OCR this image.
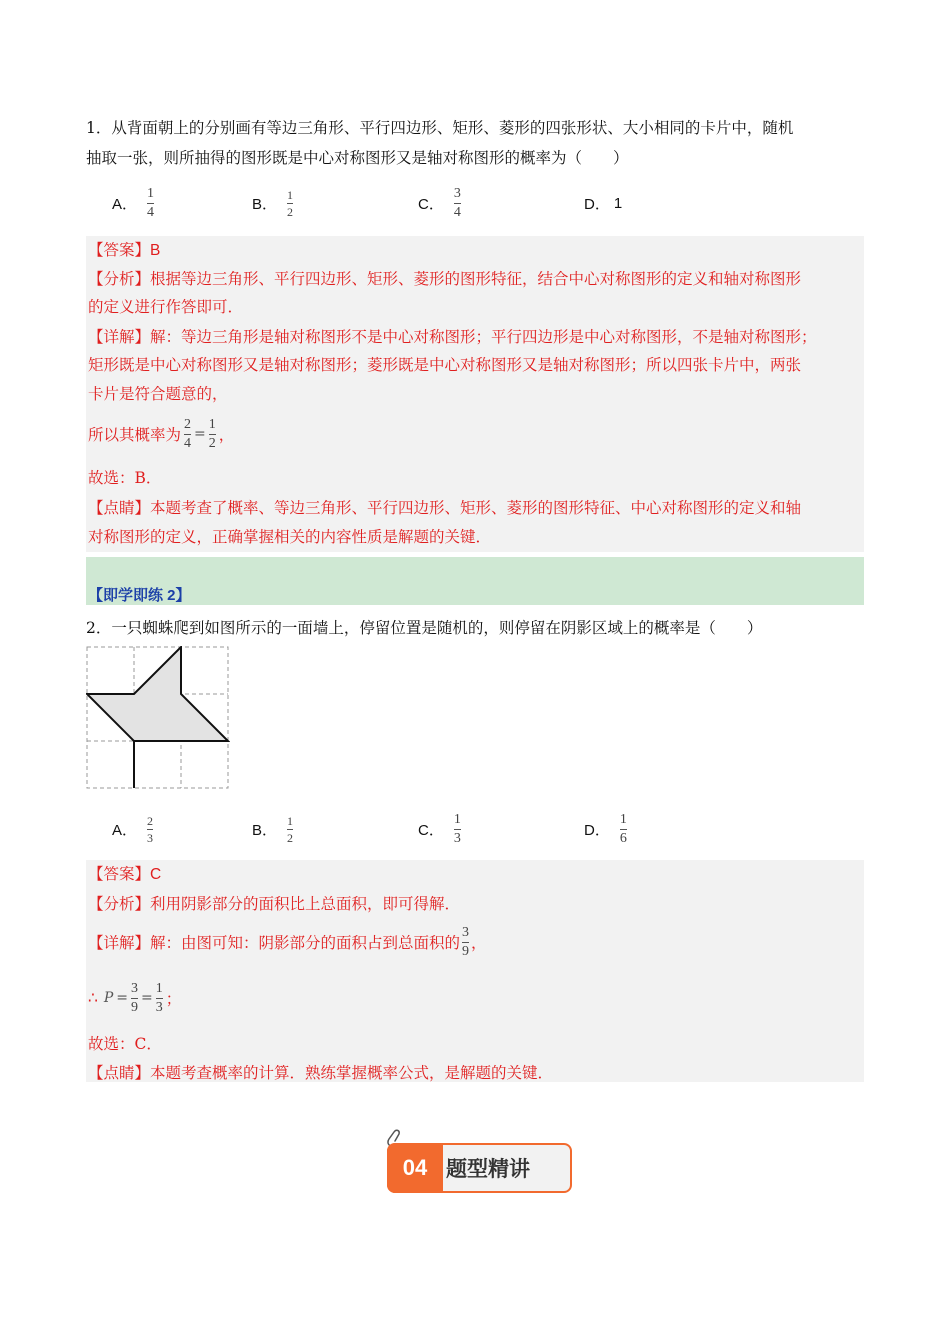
1．从背面朝上的分别画有等边三角形、平行四边形、矩形、菱形的四张形状、大小相同的卡片中，随机
抽取一张，则所抽得的图形既是中心对称图形又是轴对称图形的概率为（　　）
A． $\frac{1}{4}$	B． $\frac{1}{2}$	C． $\frac{3}{4}$	D． 1
【答案】B
【分析】根据等边三角形、平行四边形、矩形、菱形的图形特征，结合中心对称图形的定义和轴对称图形
的定义进行作答即可．
【详解】解：等边三角形是轴对称图形不是中心对称图形；平行四边形是中心对称图形，不是轴对称图形；
矩形既是中心对称图形又是轴对称图形；菱形既是中心对称图形又是轴对称图形；所以四张卡片中，两张
卡片是符合题意的，
所以其概率为 $\frac{2}{4} = \frac{1}{2}$ ，
故选：B．
【点睛】本题考查了概率、等边三角形、平行四边形、矩形、菱形的图形特征、中心对称图形的定义和轴
对称图形的定义，正确掌握相关的内容性质是解题的关键．
【即学即练 2】
2．一只蜘蛛爬到如图所示的一面墙上，停留位置是随机的，则停留在阴影区域上的概率是（　　）
A． $\frac{2}{3}$	B． $\frac{1}{2}$	C． $\frac{1}{3}$	D． $\frac{1}{6}$
【答案】C
【分析】利用阴影部分的面积比上总面积，即可得解．
【详解】 解：由图可知：阴影部分的面积占到总面积的 $\frac{3}{9}$ ，
∴ $P = \frac{3}{9} = \frac{1}{3}$ ；
故选：C．
【点睛】本题考查概率的计算．熟练掌握概率公式，是解题的关键．
04 题型精讲
